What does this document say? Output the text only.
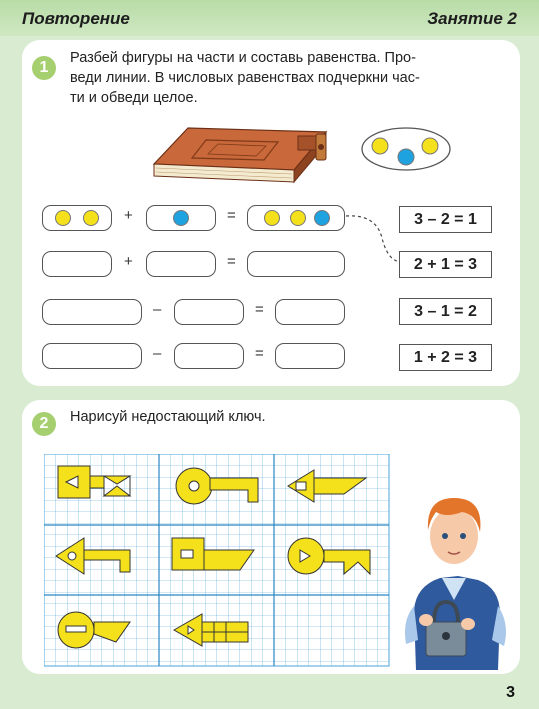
Повторение	Занятие 2
1
Разбей фигуры на части и составь равенства. Про-
веди линии. В числовых равенствах подчеркни час-
ти и обведи целое.
+	=
+	=
–	=
–	=
3 – 2 = 1
2 + 1 = 3
3 – 1 = 2
1 + 2 = 3
2	Нарисуй недостающий ключ.
3
